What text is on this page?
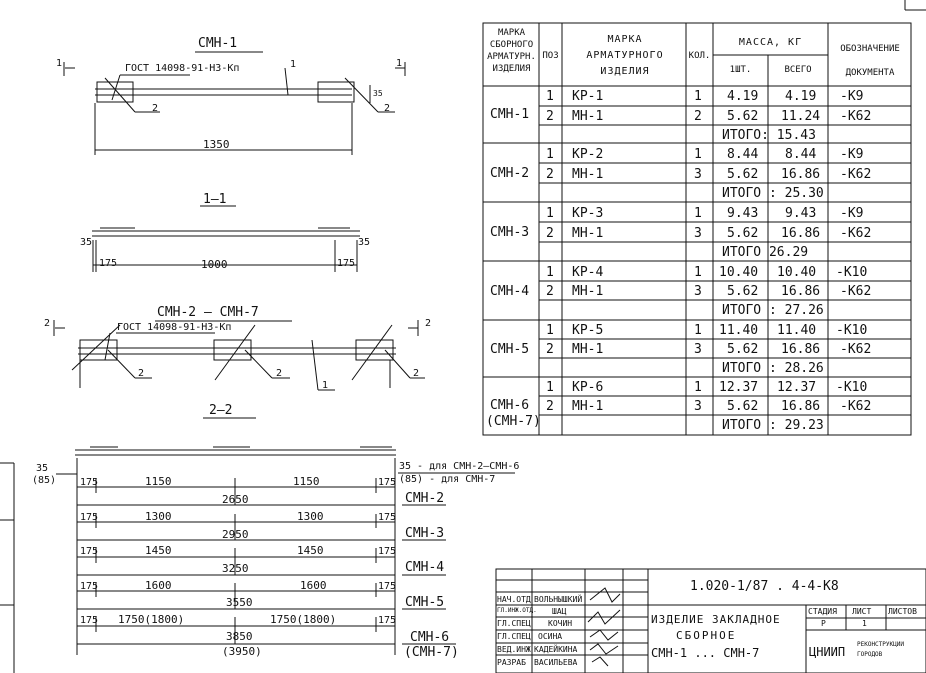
СМН-1
ГОСТ 14098-91-Н3-Кп	1
2	2
1	1
35
1350
1—1
35	35
175	1000	175
СМН-2 — СМН-7
ГОСТ 14098-91-Н3-Кп
2	2
2	2
1
2
2—2
35
(85)
35 - для СМН-2–СМН-6
(85) - для СМН-7
175	1150	1150	175
2650	СМН-2
175	1300	1300	175
2950	СМН-3
175	1450	1450	175
3250	СМН-4
175	1600	1600	175
3550	СМН-5
175 1750(1800)	1750(1800)	175
3850
(3950)
СМН-6
(СМН-7)
МАРКА СБОРНОГО АРМАТУРН. ИЗДЕЛИЯ
ПОЗ
МАРКА АРМАТУРНОГО ИЗДЕЛИЯ
КОЛ.
МАССА, КГ
1ШТ.	ВСЕГО
ОБОЗНАЧЕНИЕ ДОКУМЕНТА
СМН-1
1 КР-1	1 4.19 4.19 -К9
2 МН-1	2 5.62 11.24 -К62
ИТОГО: 15.43
СМН-2
1 КР-2	1 8.44 8.44 -К9
2 МН-1	3 5.62 16.86 -К62
ИТОГО : 25.30
СМН-3
1 КР-3	1 9.43 9.43 -К9
2 МН-1	3 5.62 16.86 -К62
ИТОГО 26.29
СМН-4
1 КР-4	1 10.40 10.40 -К10
2 МН-1	3 5.62 16.86 -К62
ИТОГО : 27.26
СМН-5
1 КР-5	1 11.40 11.40 -К10
2 МН-1	3 5.62 16.86 -К62
ИТОГО : 28.26
СМН-6
(СМН-7)
1 КР-6	1 12.37 12.37 -К10
2 МН-1	3 5.62 16.86 -К62
ИТОГО : 29.23
1.020-1/87 . 4-4-К8
ИЗДЕЛИЕ ЗАКЛАДНОЕ
СБОРНОЕ
СМН-1 ... СМН-7
СТАДИЯ ЛИСТ ЛИСТОВ
Р	1
ЦНИИП
РЕКОНСТРУКЦИИ
ГОРОДОВ
НАЧ.ОТД ВОЛЬНЫШКИЙ
ГЛ.ИНЖ.ОТД. ШАЦ
ГЛ.СПЕЦ КОЧИН
ГЛ.СПЕЦ ОСИНА
ВЕД.ИНЖ КАДЕЙКИНА
РАЗРАБ ВАСИЛЬЕВА
